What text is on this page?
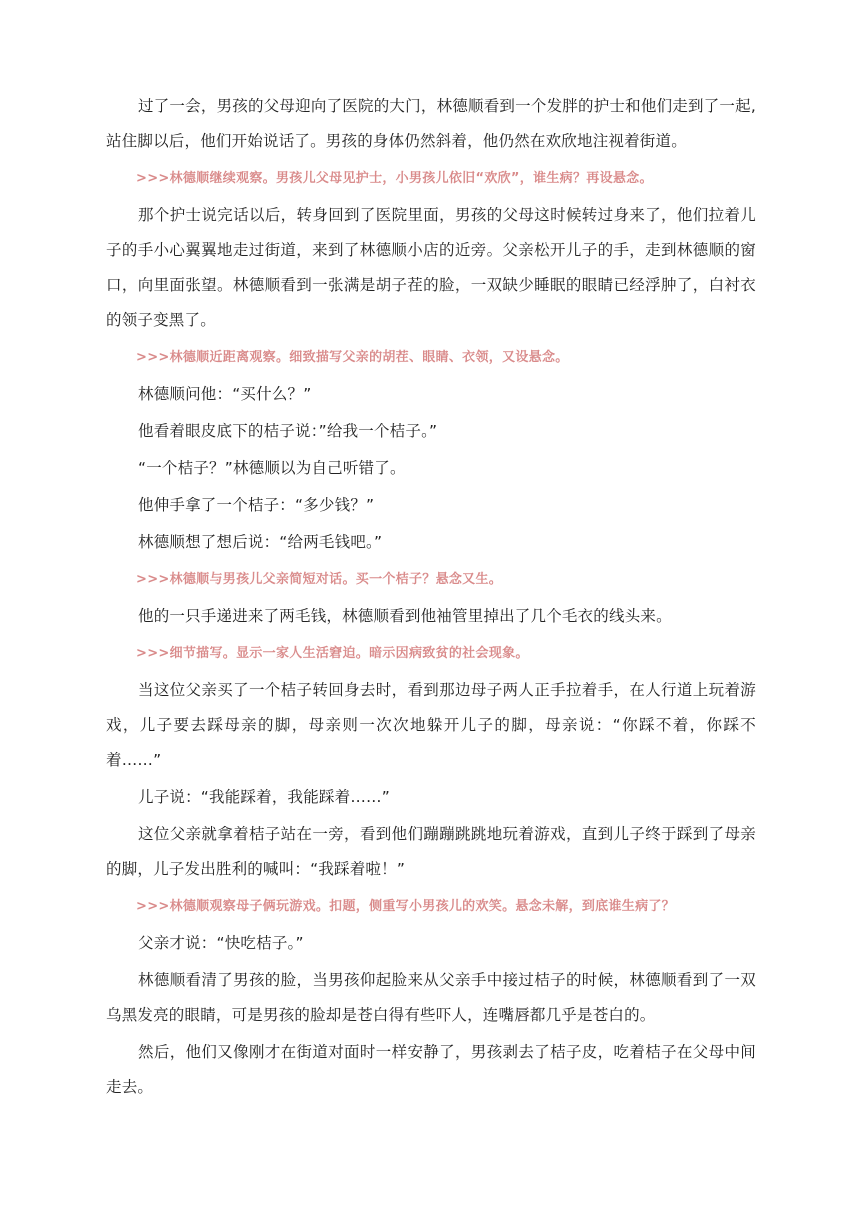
过了一会，男孩的父母迎向了医院的大门，林德顺看到一个发胖的护士和他们走到了一起,站住脚以后，他们开始说话了。男孩的身体仍然斜着，他仍然在欢欣地注视着街道。

>>>林德顺继续观察。男孩儿父母见护士，小男孩儿依旧“欢欣”，谁生病？再设悬念。

那个护士说完话以后，转身回到了医院里面，男孩的父母这时候转过身来了，他们拉着儿子的手小心翼翼地走过街道，来到了林德顺小店的近旁。父亲松开儿子的手，走到林德顺的窗口，向里面张望。林德顺看到一张满是胡子茬的脸，一双缺少睡眠的眼睛已经浮肿了，白衬衣的领子变黑了。

>>>林德顺近距离观察。细致描写父亲的胡茬、眼睛、衣领，又设悬念。

林德顺问他：“买什么？”

他看着眼皮底下的桔子说：”给我一个桔子。”

“一个桔子？”林德顺以为自己听错了。

他伸手拿了一个桔子：“多少钱？”

林德顺想了想后说：“给两毛钱吧。”

>>>林德顺与男孩儿父亲简短对话。买一个桔子？悬念又生。

他的一只手递进来了两毛钱，林德顺看到他袖管里掉出了几个毛衣的线头来。

>>>细节描写。显示一家人生活窘迫。暗示因病致贫的社会现象。

当这位父亲买了一个桔子转回身去时，看到那边母子两人正手拉着手，在人行道上玩着游戏，儿子要去踩母亲的脚，母亲则一次次地躲开儿子的脚，母亲说：“你踩不着，你踩不着……”

儿子说：“我能踩着，我能踩着……”

这位父亲就拿着桔子站在一旁，看到他们蹦蹦跳跳地玩着游戏，直到儿子终于踩到了母亲的脚，儿子发出胜利的喊叫：“我踩着啦！”

>>>林德顺观察母子俩玩游戏。扣题，侧重写小男孩儿的欢笑。悬念未解，到底谁生病了？

父亲才说：“快吃桔子。”

林德顺看清了男孩的脸，当男孩仰起脸来从父亲手中接过桔子的时候，林德顺看到了一双乌黑发亮的眼睛，可是男孩的脸却是苍白得有些吓人，连嘴唇都几乎是苍白的。

然后，他们又像刚才在街道对面时一样安静了，男孩剥去了桔子皮，吃着桔子在父母中间走去。
